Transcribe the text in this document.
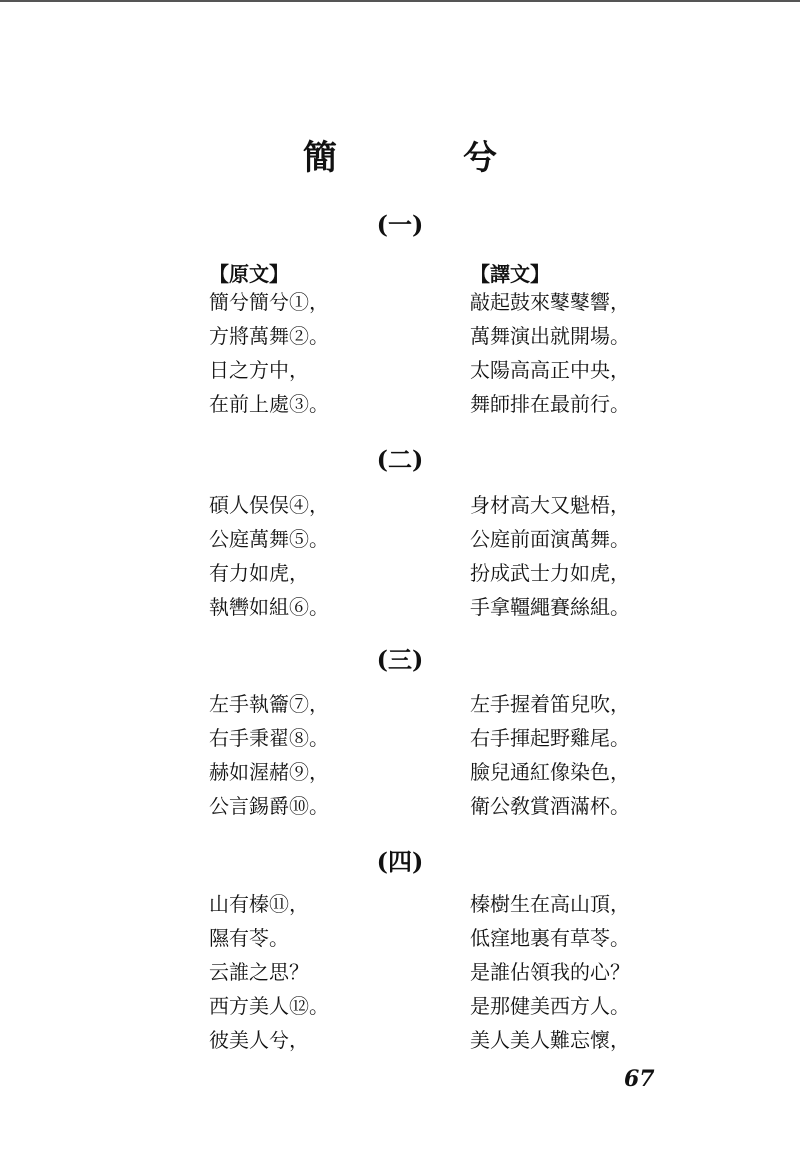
簡　兮
(一)
【原文】	【譯文】
簡兮簡兮①，
方將萬舞②。
日之方中，
在前上處③。
敲起鼓來鼕鼕響，
萬舞演出就開場。
太陽高高正中央，
舞師排在最前行。
(二)
碩人俣俣④，
公庭萬舞⑤。
有力如虎，
執轡如組⑥。
身材高大又魁梧，
公庭前面演萬舞。
扮成武士力如虎，
手拿韁繩賽絲組。
(三)
左手執籥⑦，
右手秉翟⑧。
赫如渥赭⑨，
公言錫爵⑩。
左手握着笛兒吹，
右手揮起野雞尾。
臉兒通紅像染色，
衛公敎賞酒滿杯。
(四)
山有榛⑪，
隰有苓。
云誰之思？
西方美人⑫。
彼美人兮，
榛樹生在高山頂，
低窪地裏有草苓。
是誰佔領我的心？
是那健美西方人。
美人美人難忘懷，
67
